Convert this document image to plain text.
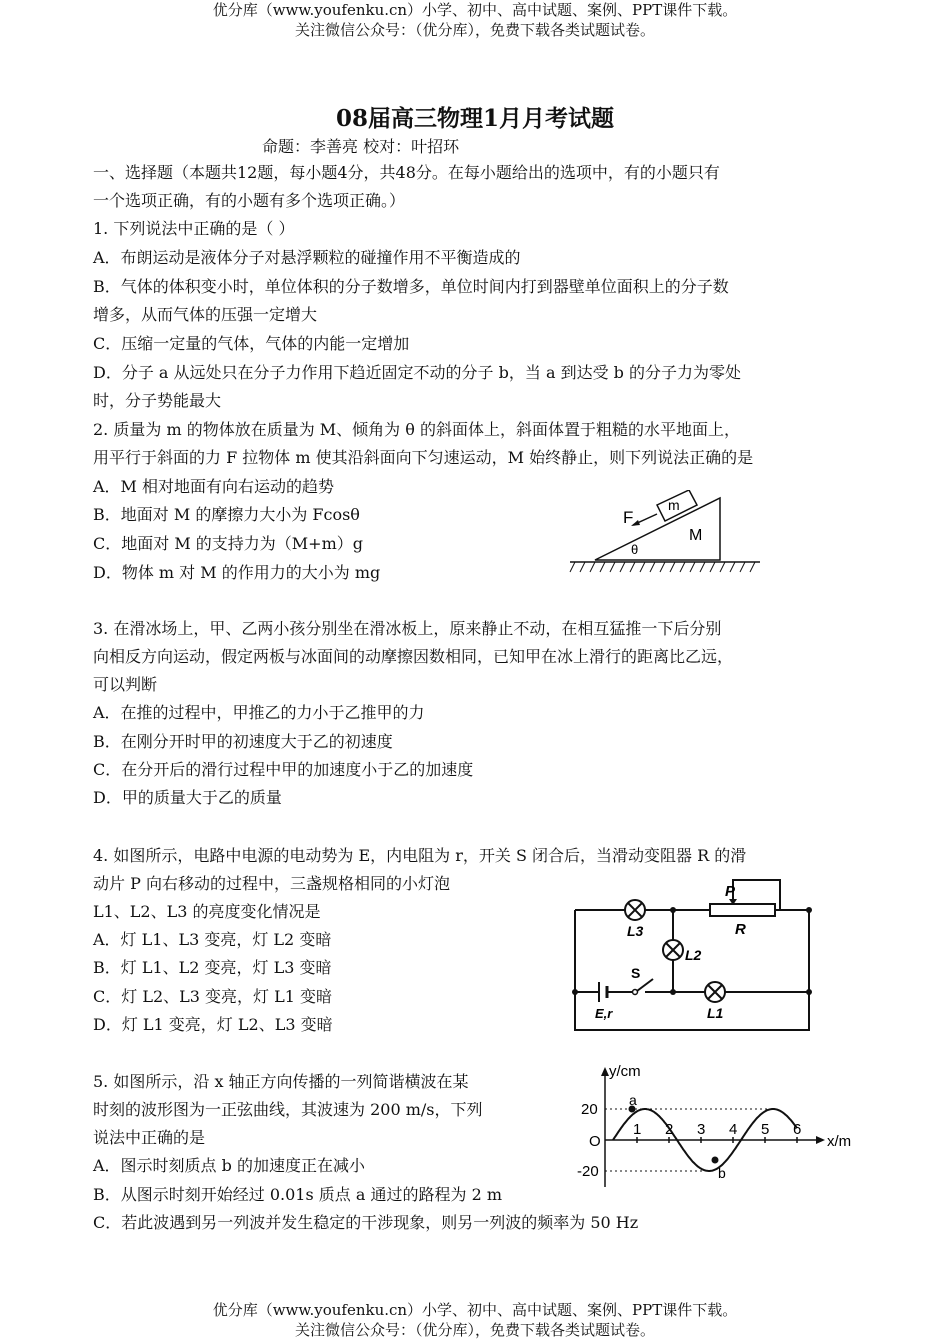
优分库（www.youfenku.cn）小学、初中、高中试题、案例、PPT课件下载。
关注微信公众号：（优分库），免费下载各类试题试卷。
08届高三物理1月月考试题
命题：李善亮 校对：叶招环
一、选择题（本题共12题，每小题4分，共48分。在每小题给出的选项中，有的小题只有
一个选项正确，有的小题有多个选项正确。）
1. 下列说法中正确的是（ ）
A．布朗运动是液体分子对悬浮颗粒的碰撞作用不平衡造成的
B．气体的体积变小时，单位体积的分子数增多，单位时间内打到器壁单位面积上的分子数
增多，从而气体的压强一定增大
C．压缩一定量的气体，气体的内能一定增加
D．分子 a 从远处只在分子力作用下趋近固定不动的分子 b，当 a 到达受 b 的分子力为零处
时，分子势能最大
2. 质量为 m 的物体放在质量为 M、倾角为 θ 的斜面体上，斜面体置于粗糙的水平地面上，
用平行于斜面的力 F 拉物体 m 使其沿斜面向下匀速运动，M 始终静止，则下列说法正确的是
A．M 相对地面有向右运动的趋势
B．地面对 M 的摩擦力大小为 Fcosθ
C．地面对 M 的支持力为（M+m）g
D．物体 m 对 M 的作用力的大小为 mg
F
m
M
θ
3. 在滑冰场上，甲、乙两小孩分别坐在滑冰板上，原来静止不动，在相互猛推一下后分别
向相反方向运动，假定两板与冰面间的动摩擦因数相同，已知甲在冰上滑行的距离比乙远，
可以判断
A．在推的过程中，甲推乙的力小于乙推甲的力
B．在刚分开时甲的初速度大于乙的初速度
C．在分开后的滑行过程中甲的加速度小于乙的加速度
D．甲的质量大于乙的质量
4. 如图所示，电路中电源的电动势为 E，内电阻为 r，开关 S 闭合后，当滑动变阻器 R 的滑
动片 P 向右移动的过程中，三盏规格相同的小灯泡
L1、L2、L3 的亮度变化情况是
A．灯 L1、L3 变亮，灯 L2 变暗
B．灯 L1、L2 变亮，灯 L3 变暗
C．灯 L2、L3 变亮，灯 L1 变暗
D．灯 L1 变亮，灯 L2、L3 变暗
P
R
L3
L2
L1
S
E,r
5. 如图所示，沿 x 轴正方向传播的一列简谐横波在某
时刻的波形图为一正弦曲线，其波速为 200 m/s，下列
说法中正确的是
A．图示时刻质点 b 的加速度正在减小
B．从图示时刻开始经过 0.01s 质点 a 通过的路程为 2 m
C．若此波遇到另一列波并发生稳定的干涉现象，则另一列波的频率为 50 Hz
y/cm
x/m
20
-20
O
1 2 3 4 5 6
a
b
优分库（www.youfenku.cn）小学、初中、高中试题、案例、PPT课件下载。
关注微信公众号：（优分库），免费下载各类试题试卷。
